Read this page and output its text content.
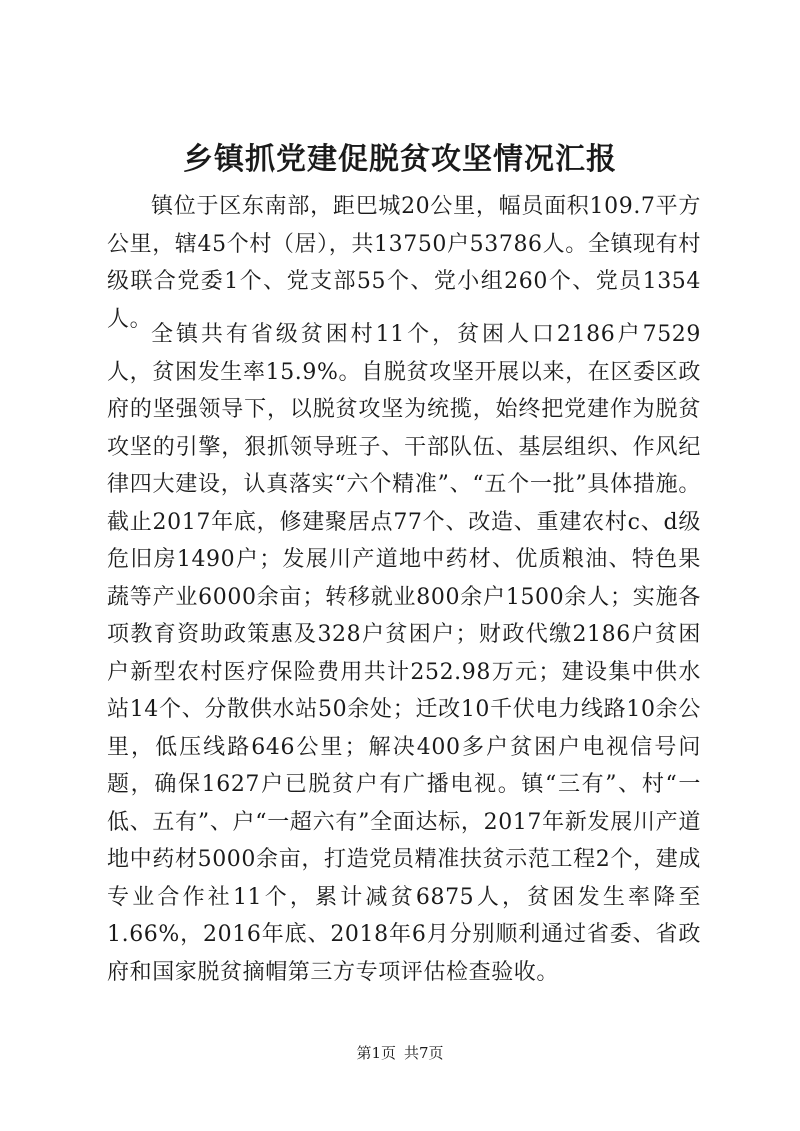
乡镇抓党建促脱贫攻坚情况汇报

镇位于区东南部，距巴城20公里，幅员面积109.7平方公里，辖45个村（居），共13750户53786人。全镇现有村级联合党委1个、党支部55个、党小组260个、党员1354人。

全镇共有省级贫困村11个，贫困人口2186户7529人，贫困发生率15.9%。自脱贫攻坚开展以来，在区委区政府的坚强领导下，以脱贫攻坚为统揽，始终把党建作为脱贫攻坚的引擎，狠抓领导班子、干部队伍、基层组织、作风纪律四大建设，认真落实“六个精准”、“五个一批”具体措施。截止2017年底，修建聚居点77个、改造、重建农村c、d级危旧房1490户；发展川产道地中药材、优质粮油、特色果蔬等产业6000余亩；转移就业800余户1500余人；实施各项教育资助政策惠及328户贫困户；财政代缴2186户贫困户新型农村医疗保险费用共计252.98万元；建设集中供水站14个、分散供水站50余处；迁改10千伏电力线路10余公里，低压线路646公里；解决400多户贫困户电视信号问题，确保1627户已脱贫户有广播电视。镇“三有”、村“一低、五有”、户“一超六有”全面达标，2017年新发展川产道地中药材5000余亩，打造党员精准扶贫示范工程2个，建成专业合作社11个，累计减贫6875人，贫困发生率降至1.66%，2016年底、2018年6月分别顺利通过省委、省政府和国家脱贫摘帽第三方专项评估检查验收。

第1页 共7页
